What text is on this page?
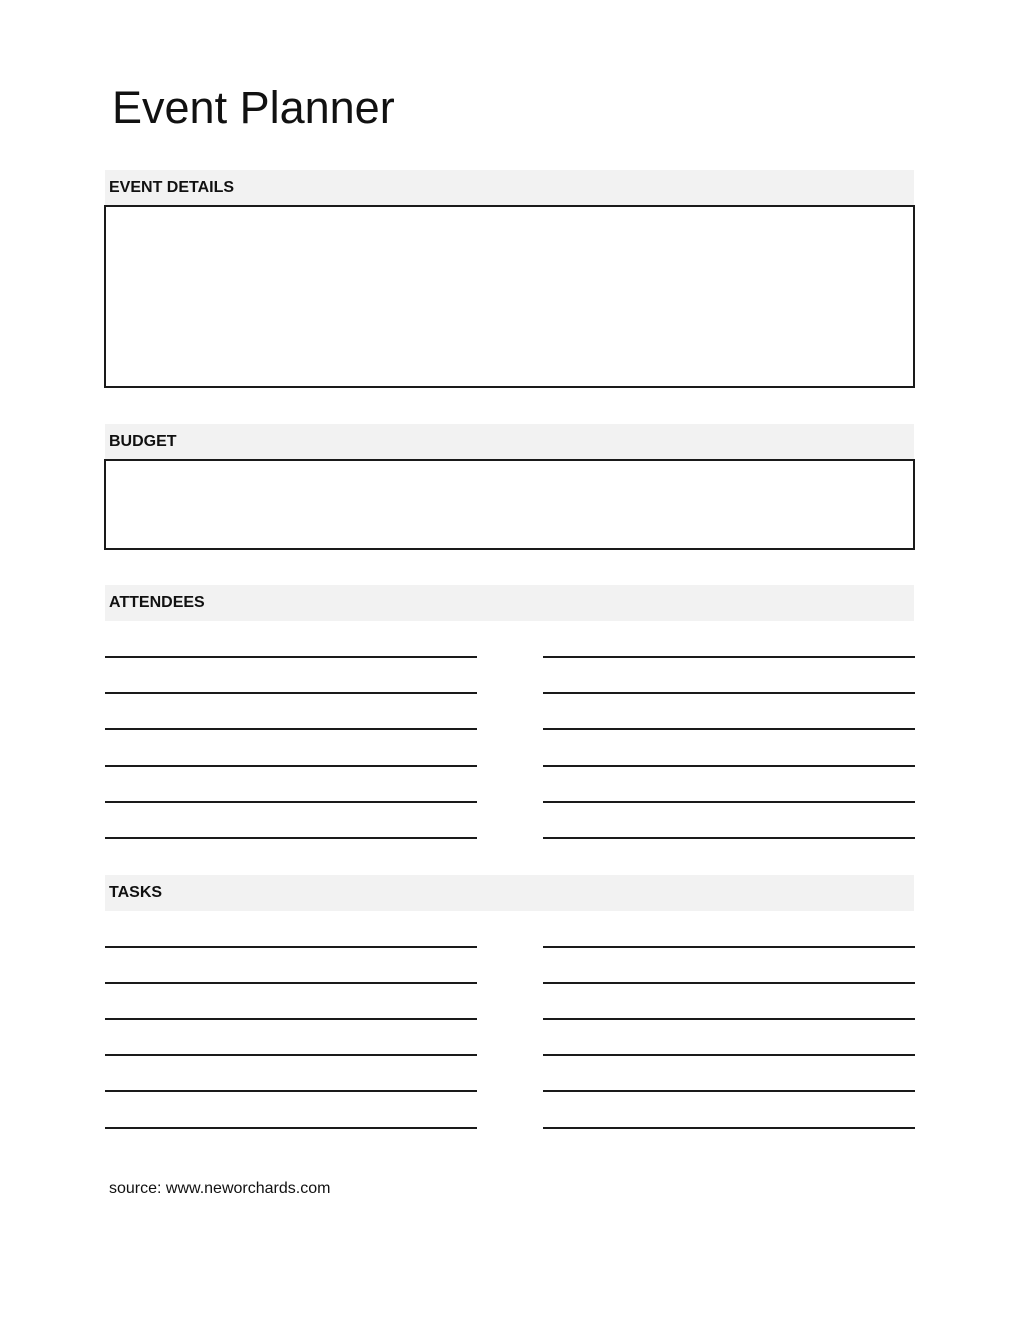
Event Planner
EVENT DETAILS
BUDGET
ATTENDEES
TASKS
source: www.neworchards.com
